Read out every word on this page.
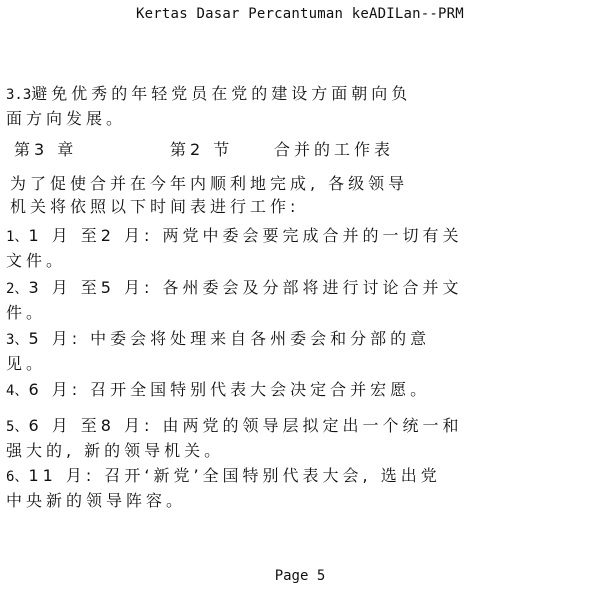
Kertas Dasar Percantuman keADILan--PRM
3.3避免优秀的年轻党员在党的建设方面朝向负
面方向发展。
第3 章	第2 节	合并的工作表
为了促使合并在今年内顺利地完成, 各级领导
机关将依照以下时间表进行工作:
1、1 月 至2 月: 两党中委会要完成合并的一切有关
文件。
2、3 月 至5 月: 各州委会及分部将进行讨论合并文
件。
3、5 月: 中委会将处理来自各州委会和分部的意
见。
4、6 月: 召开全国特别代表大会决定合并宏愿。
5、6 月 至8 月: 由两党的领导层拟定出一个统一和
强大的, 新的领导机关。
6、11 月: 召开‘新党’全国特别代表大会, 选出党
中央新的领导阵容。
Page 5
